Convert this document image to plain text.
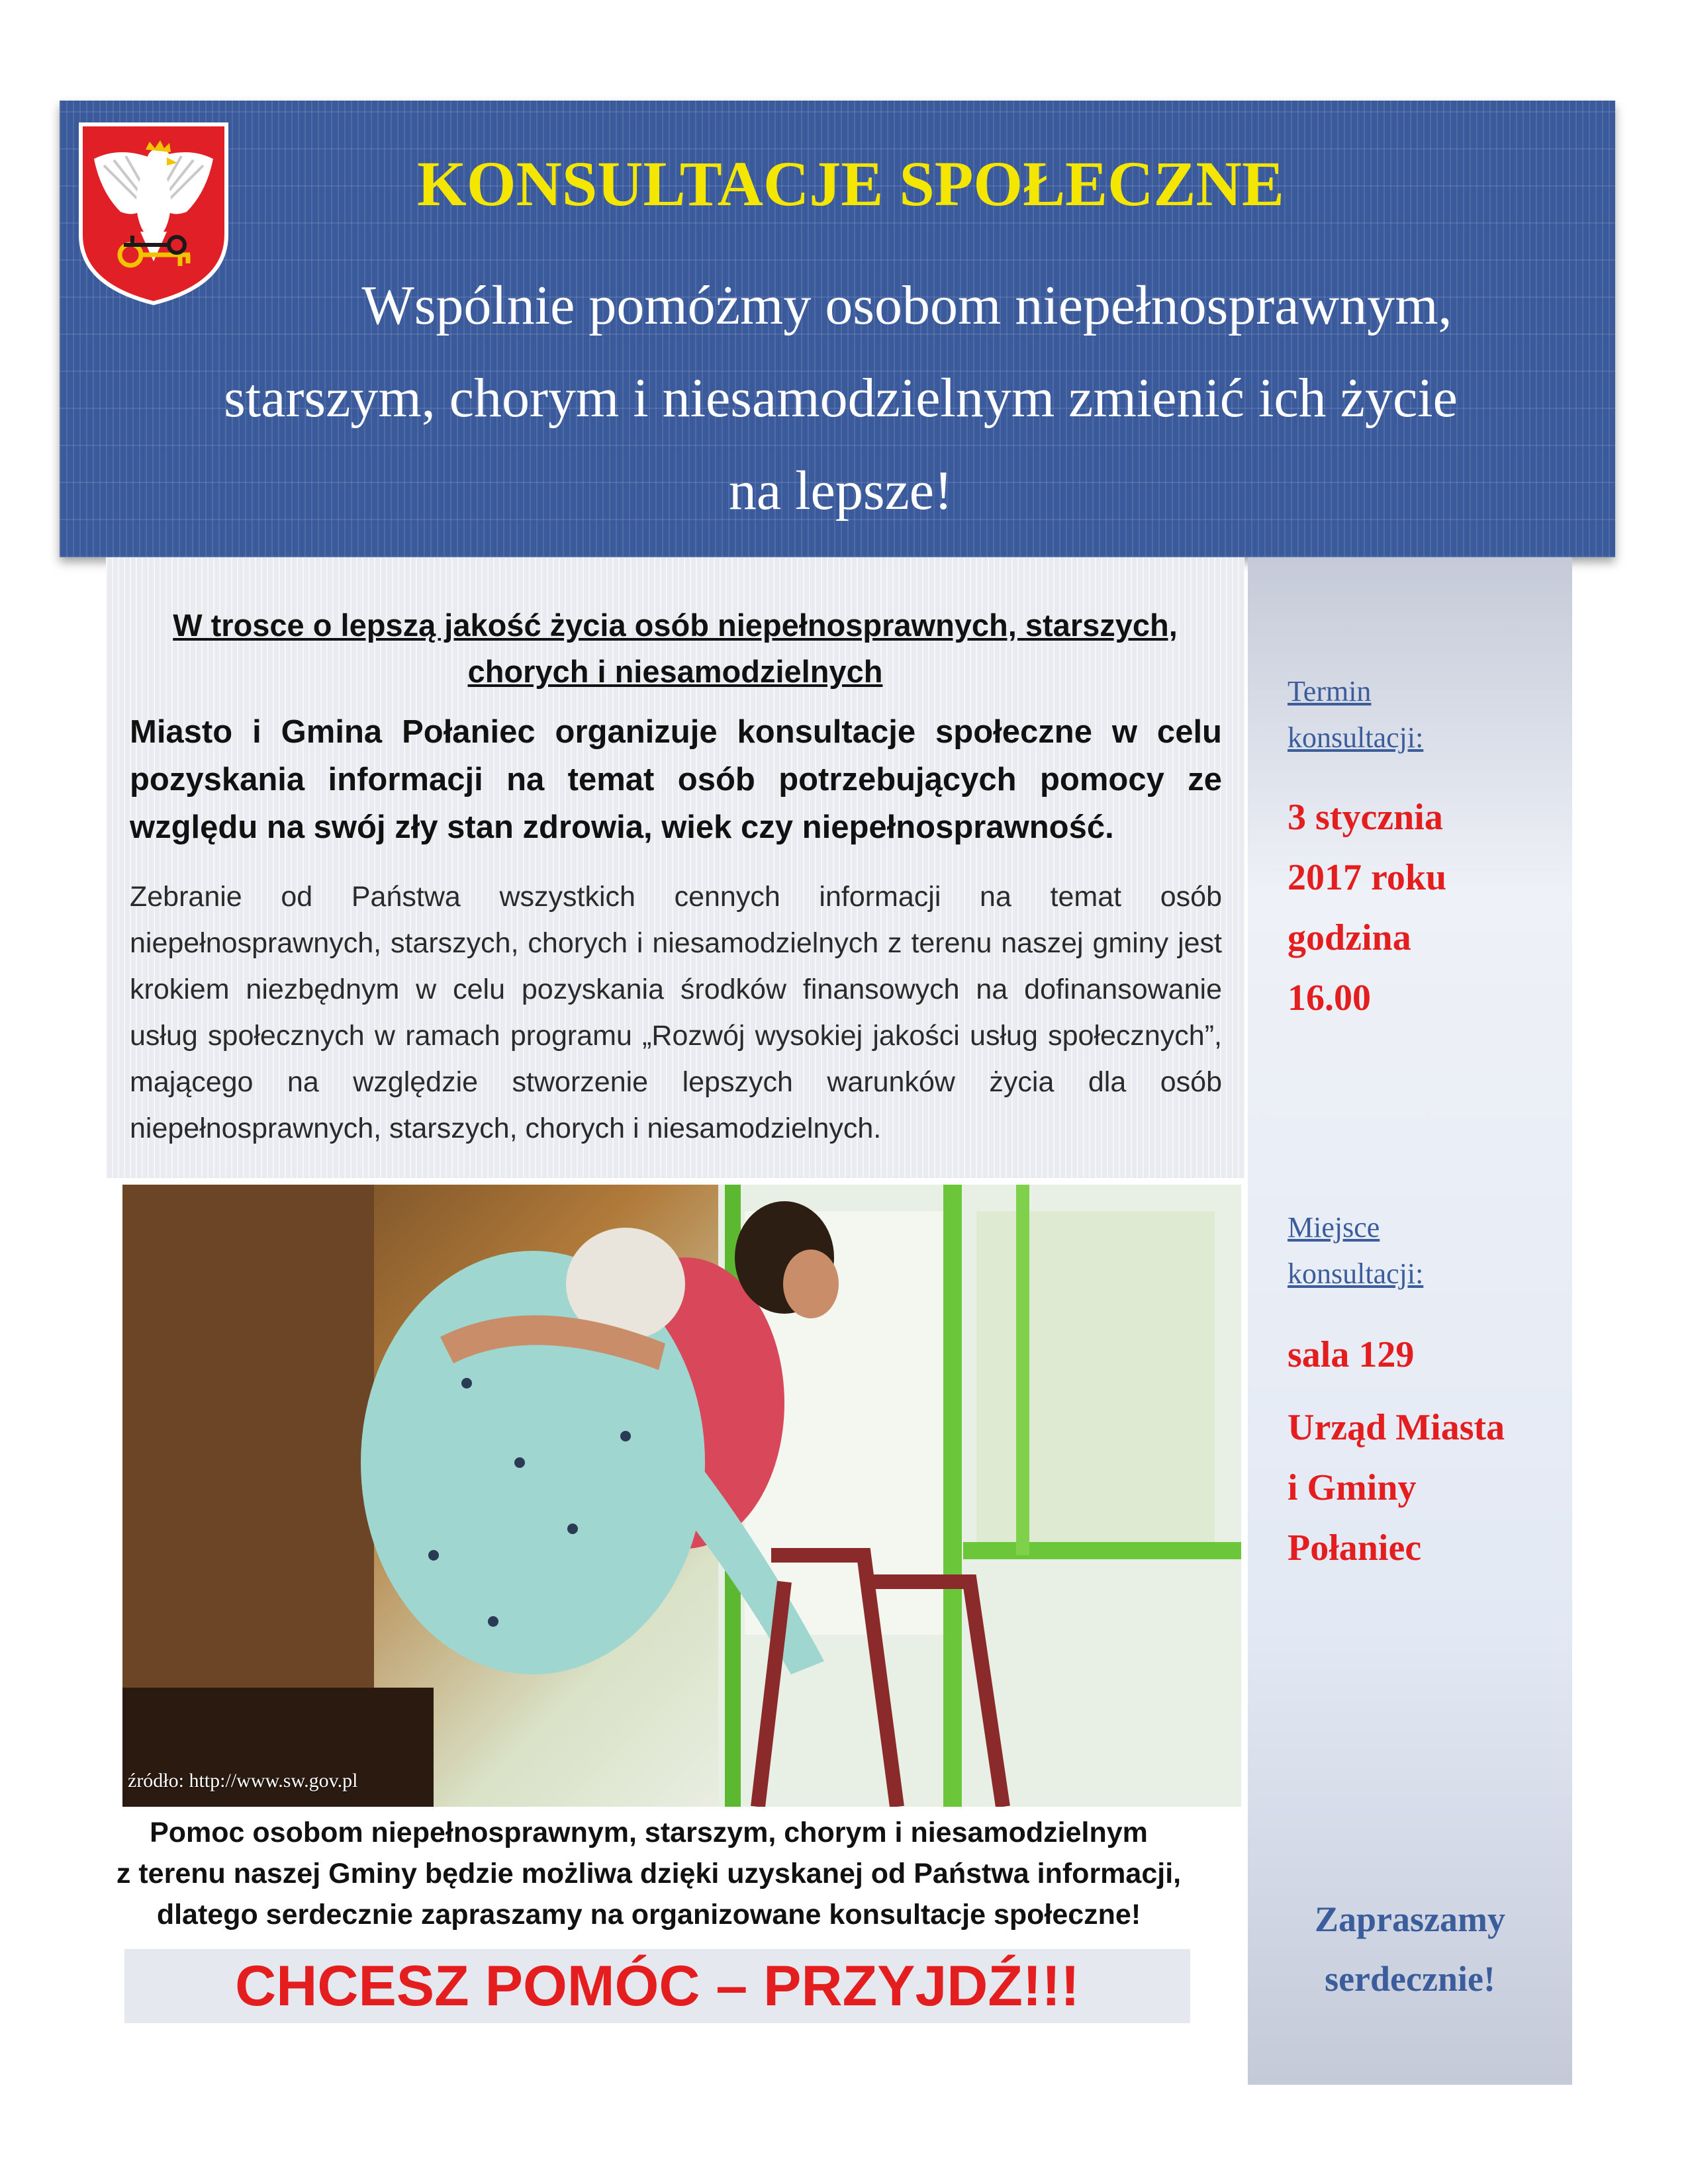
KONSULTACJE SPOŁECZNE

Wspólnie pomóżmy osobom niepełnosprawnym,
starszym, chorym i niesamodzielnym zmienić ich życie
na lepsze!

W trosce o lepszą jakość życia osób niepełnosprawnych, starszych, chorych i niesamodzielnych

Miasto i Gmina Połaniec organizuje konsultacje społeczne w celu pozyskania informacji na temat osób potrzebujących pomocy ze względu na swój zły stan zdrowia, wiek czy niepełnosprawność.

Zebranie od Państwa wszystkich cennych informacji na temat osób niepełnosprawnych, starszych, chorych i niesamodzielnych z terenu naszej gminy jest krokiem niezbędnym w celu pozyskania środków finansowych na dofinansowanie usług społecznych w ramach programu „Rozwój wysokiej jakości usług społecznych”, mającego na względzie stworzenie lepszych warunków życia dla osób niepełnosprawnych, starszych, chorych i niesamodzielnych.

Termin
konsultacji:

3 stycznia
2017 roku
godzina
16.00

Miejsce
konsultacji:

sala 129

Urząd Miasta
i Gminy
Połaniec

Zapraszamy
serdecznie!

źródło: http://www.sw.gov.pl

Pomoc osobom niepełnosprawnym, starszym, chorym i niesamodzielnym
z terenu naszej Gminy będzie możliwa dzięki uzyskanej od Państwa informacji,
dlatego serdecznie zapraszamy na organizowane konsultacje społeczne!

CHCESZ POMÓC – PRZYJDŹ!!!
